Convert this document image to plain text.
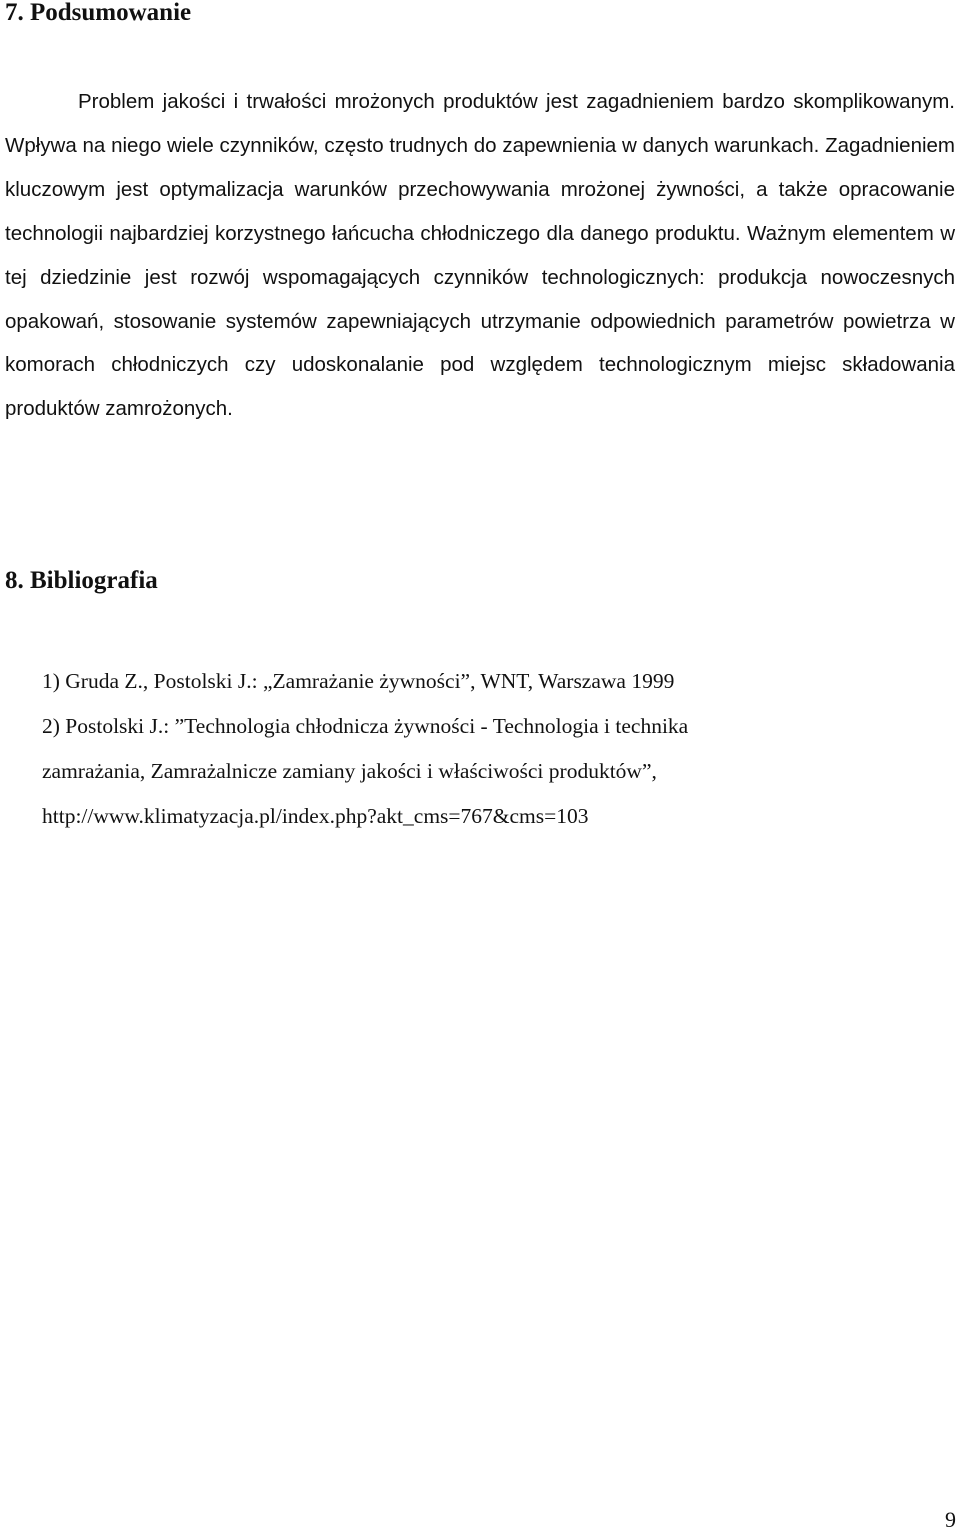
7. Podsumowanie

Problem jakości i trwałości mrożonych produktów jest zagadnieniem bardzo skomplikowanym. Wpływa na niego wiele czynników, często trudnych do zapewnienia w danych warunkach. Zagadnieniem kluczowym jest optymalizacja warunków przechowywania mrożonej żywności, a także opracowanie technologii najbardziej korzystnego łańcucha chłodniczego dla danego produktu. Ważnym elementem w tej dziedzinie jest rozwój wspomagających czynników technologicznych: produkcja nowoczesnych opakowań, stosowanie systemów zapewniających utrzymanie odpowiednich parametrów powietrza w komorach chłodniczych czy udoskonalanie pod względem technologicznym miejsc składowania produktów zamrożonych.

8. Bibliografia
1) Gruda Z., Postolski J.: „Zamrażanie żywności”, WNT, Warszawa 1999
2) Postolski J.: ”Technologia chłodnicza żywności - Technologia i technika
zamrażania, Zamrażalnicze zamiany jakości i właściwości produktów”,
http://www.klimatyzacja.pl/index.php?akt_cms=767&cms=103
9
